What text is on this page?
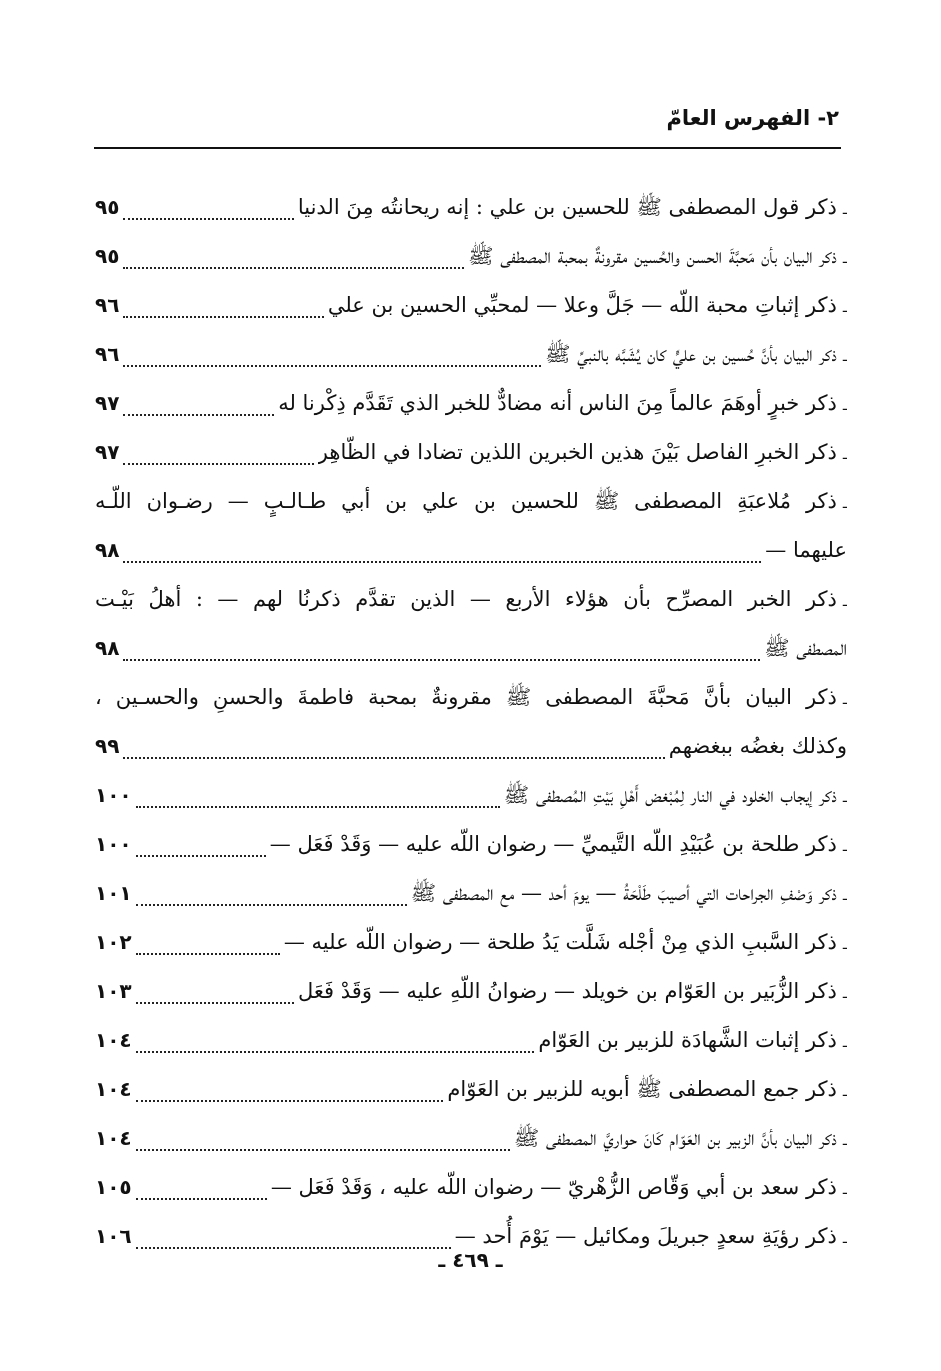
٢- الفهرس العامّ
ـ
ذكر قول المصطفى ﷺ للحسين بن علي : إنه ريحانتُه مِنَ الدنيا
٩٥
ـ
ذكر البيان بأن مَحبَّةَ الحسن والحُسين مقرونةٌ بمحبة المصطفى ﷺ
٩٥
ـ
ذكر إثباتِ محبة اللّه — جَلَّ وعلا — لمحبِّي الحسين بن علي
٩٦
ـ
ذكر البيان بأنَّ حُسين بن عليٍّ كان يُشَبَّه بالنبيِّ ﷺ
٩٦
ـ
ذكر خبرٍ أوهَمَ عالماً مِنَ الناس أنه مضادٌّ للخبر الذي تَقَدَّم ذِكْرنا له
٩٧
ـ
ذكر الخبرِ الفاصل بَيْنَ هذين الخبرين اللذين تضادا في الظّاهِر
٩٧
ـ
ذكر مُلاعبَةِ المصطفى ﷺ للحسين بن علي بن أبي طـالـبٍ — رضـوان اللّـه
عليهما —
٩٨
ـ
ذكر الخبر المصرِّح بأن هؤلاء الأربع — الذين تقدَّم ذكرنُا لهم — : أهلُ بَيْـت
المصطفى ﷺ
٩٨
ـ
ذكر البيان بأنَّ مَحبَّةَ المصطفى ﷺ مقرونةٌ بمحبة فاطمةَ والحسنِ والحسـين ،
وكذلك بغضُه ببغضهم
٩٩
ـ
ذكر إيجاب الخلود في النار لِمُبْغض أَهْلِ بَيْتِ المُصطفى ﷺ
١٠٠
ـ
ذكر طلحة بن عُبَيْدِ اللّه التَّيميِّ — رضوان اللّه عليه — وَقَدْ فَعَل —
١٠٠
ـ
ذكر وَصْفِ الجراحات التي أصيبَ طَلْحَةُ — يومَ أحد — مع المصطفى ﷺ
١٠١
ـ
ذكر السَّببِ الذي مِنْ أجْله شَلَّت يَدُ طلحة — رضوان اللّه عليه —
١٠٢
ـ
ذكر الزُّبَير بن العَوّام بن خويلد — رضوانُ اللّهِ عليه — وَقَدْ فَعَل
١٠٣
ـ
ذكر إثبات الشَّهادَة للزبير بن العَوّام
١٠٤
ـ
ذكر جمع المصطفى ﷺ أبويه للزبير بن العَوّام
١٠٤
ـ
ذكر البيان بأنَّ الزبير بن العَوّام كَانَ حواريَّ المصطفى ﷺ
١٠٤
ـ
ذكر سعد بن أبي وَقّاص الزُّهْريّ — رضوان اللّه عليه ، وَقَدْ فَعَل —
١٠٥
ـ
ذكر رؤيَةِ سعدٍ جبريلَ ومكائيل — يَوْمَ أُحد —
١٠٦
ـ ٤٦٩ ـ
